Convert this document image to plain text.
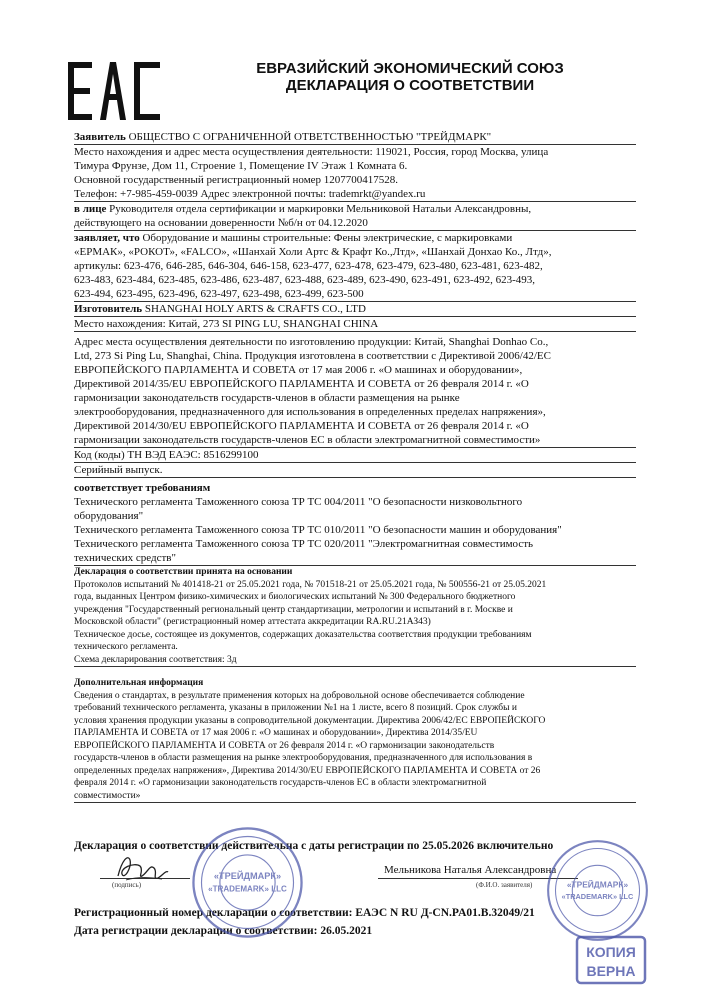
ЕВРАЗИЙСКИЙ ЭКОНОМИЧЕСКИЙ СОЮЗ
ДЕКЛАРАЦИЯ О СООТВЕТСТВИИ
Заявитель ОБЩЕСТВО С ОГРАНИЧЕННОЙ ОТВЕТСТВЕННОСТЬЮ "ТРЕЙДМАРК"
Место нахождения и адрес места осуществления деятельности: 119021, Россия, город Москва, улица
Тимура Фрунзе, Дом 11, Строение 1, Помещение IV Этаж 1 Комната 6.
Основной государственный регистрационный номер 1207700417528.
Телефон: +7-985-459-0039 Адрес электронной почты: trademrkt@yandex.ru
в лице Руководителя отдела сертификации и маркировки Мельниковой Натальи Александровны,
действующего на основании доверенности №б/н от 04.12.2020
заявляет, что Оборудование и машины строительные: Фены электрические, с маркировками
«ЕРМАК», «РОКОТ», «FALCO», «Шанхай Холи Артс & Крафт Ко.,Лтд», «Шанхай Донхао Ко., Лтд»,
артикулы: 623-476, 646-285, 646-304, 646-158, 623-477, 623-478, 623-479, 623-480, 623-481, 623-482,
623-483, 623-484, 623-485, 623-486, 623-487, 623-488, 623-489, 623-490, 623-491, 623-492, 623-493,
623-494, 623-495, 623-496, 623-497, 623-498, 623-499, 623-500
Изготовитель SHANGHAI HOLY ARTS & CRAFTS CO., LTD
Место нахождения: Китай, 273 SI PING LU, SHANGHAI CHINA
Адрес места осуществления деятельности по изготовлению продукции: Китай, Shanghai Donhao Co.,
Ltd, 273 Si Ping Lu, Shanghai, China. Продукция изготовлена в соответствии с Директивой 2006/42/EC
ЕВРОПЕЙСКОГО ПАРЛАМЕНТА И СОВЕТА от 17 мая 2006 г. «О машинах и оборудовании»,
Директивой 2014/35/EU ЕВРОПЕЙСКОГО ПАРЛАМЕНТА И СОВЕТА от 26 февраля 2014 г. «О
гармонизации законодательств государств-членов в области размещения на рынке
электрооборудования, предназначенного для использования в определенных пределах напряжения»,
Директивой 2014/30/EU ЕВРОПЕЙСКОГО ПАРЛАМЕНТА И СОВЕТА от 26 февраля 2014 г. «О
гармонизации законодательств государств-членов ЕС в области электромагнитной совместимости»
Код (коды) ТН ВЭД ЕАЭС: 8516299100
Серийный выпуск.
соответствует требованиям
Технического регламента Таможенного союза ТР ТС 004/2011 "О безопасности низковольтного
оборудования"
Технического регламента Таможенного союза ТР ТС 010/2011 "О безопасности машин и оборудования"
Технического регламента Таможенного союза ТР ТС 020/2011 "Электромагнитная совместимость
технических средств"
Декларация о соответствии принята на основании
Протоколов испытаний № 401418-21 от 25.05.2021 года, № 701518-21 от 25.05.2021 года, № 500556-21 от 25.05.2021
года, выданных Центром физико-химических и биологических испытаний № 300 Федерального бюджетного
учреждения "Государственный региональный центр стандартизации, метрологии и испытаний в г. Москве и
Московской области" (регистрационный номер аттестата аккредитации RA.RU.21АЗ43)
Техническое досье, состоящее из документов, содержащих доказательства соответствия продукции требованиям
технического регламента.
Схема декларирования соответствия: 3д
Дополнительная информация
Сведения о стандартах, в результате применения которых на добровольной основе обеспечивается соблюдение
требований технического регламента, указаны в приложении №1 на 1 листе, всего 8 позиций. Срок службы и
условия хранения продукции указаны в сопроводительной документации. Директива 2006/42/EC ЕВРОПЕЙСКОГО
ПАРЛАМЕНТА И СОВЕТА от 17 мая 2006 г. «О машинах и оборудовании», Директива 2014/35/EU
ЕВРОПЕЙСКОГО ПАРЛАМЕНТА И СОВЕТА от 26 февраля 2014 г. «О гармонизации законодательств
государств-членов в области размещения на рынке электрооборудования, предназначенного для использования в
определенных пределах напряжения», Директива 2014/30/EU ЕВРОПЕЙСКОГО ПАРЛАМЕНТА И СОВЕТА от 26
февраля 2014 г. «О гармонизации законодательств государств-членов ЕС в области электромагнитной
совместимости»
Декларация о соответствии действительна с даты регистрации по 25.05.2026 включительно
(подпись)
Мельникова Наталья Александровна
(Ф.И.О. заявителя)
Регистрационный номер декларации о соответствии: ЕАЭС N RU Д-CN.PA01.B.32049/21
Дата регистрации декларации о соответствии: 26.05.2021
«ТРЕЙДМАРК»
«TRADEMARK» LLC	«ТРЕЙДМАРК»
«TRADEMARK» LLC
КОПИЯ
ВЕРНА
